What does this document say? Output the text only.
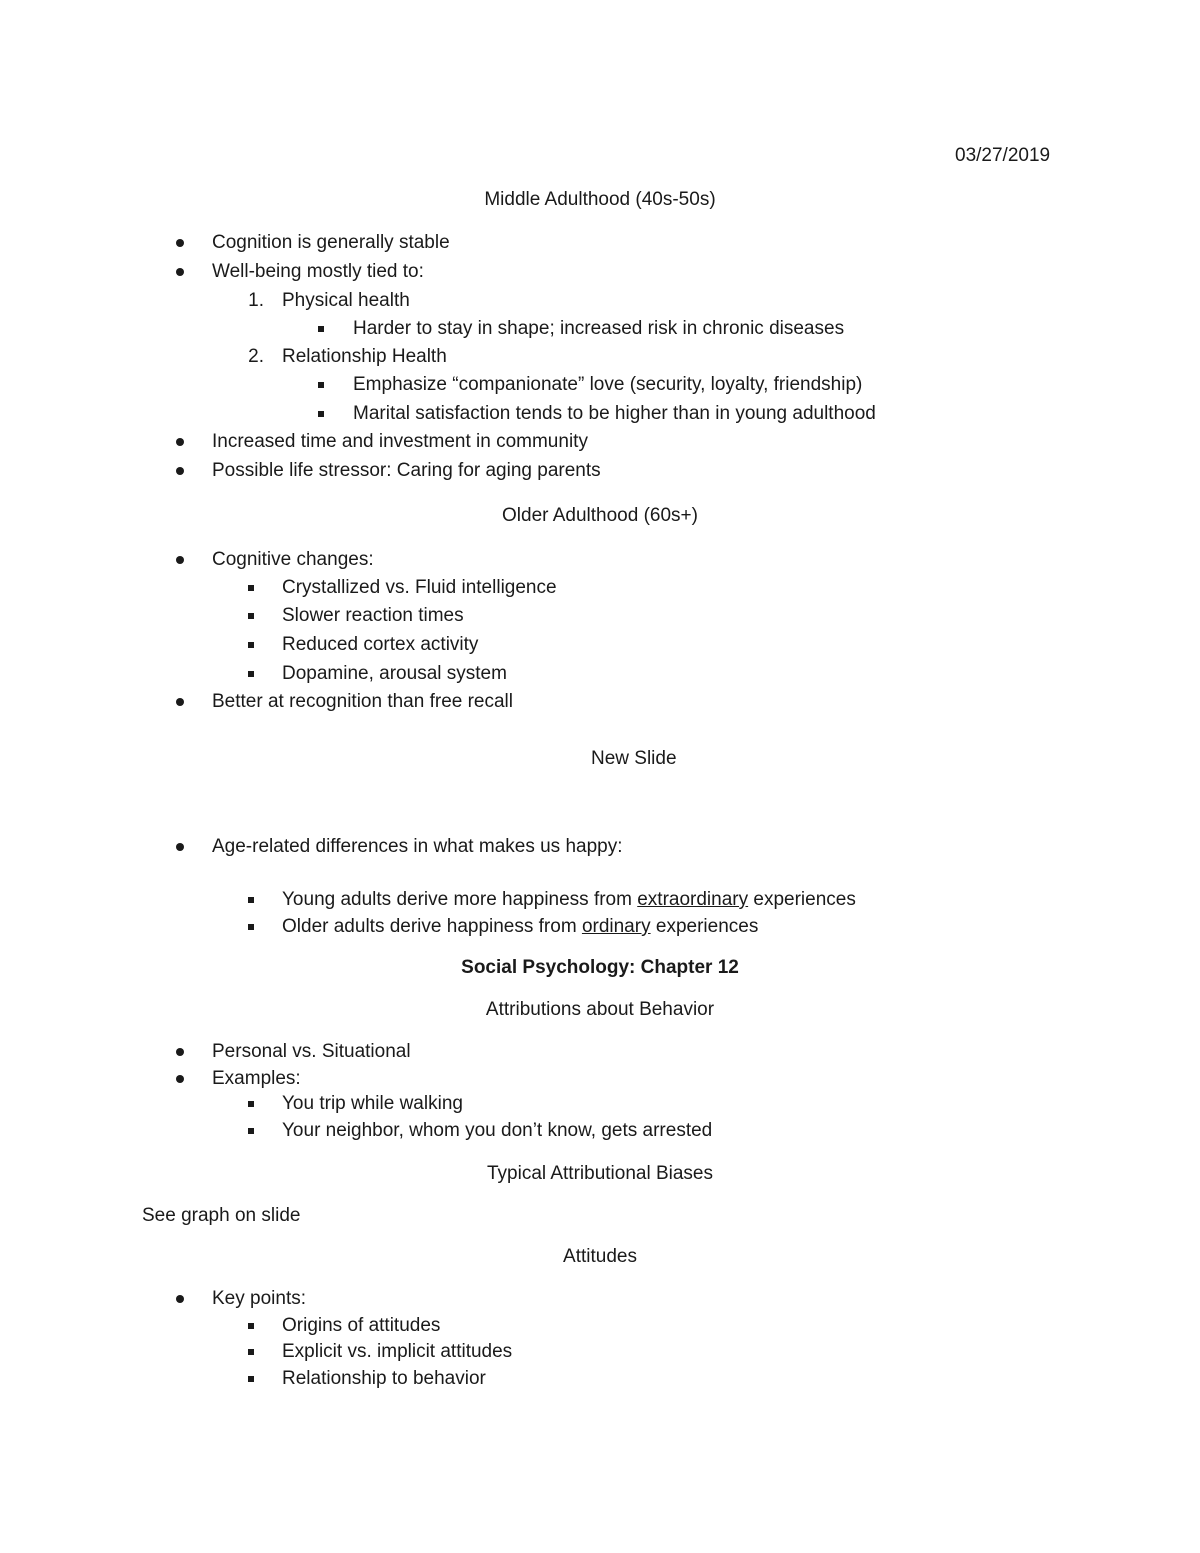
03/27/2019
Middle Adulthood (40s-50s)
Cognition is generally stable
Well-being mostly tied to:
1. Physical health
Harder to stay in shape; increased risk in chronic diseases
2. Relationship Health
Emphasize “companionate” love (security, loyalty, friendship)
Marital satisfaction tends to be higher than in young adulthood
Increased time and investment in community
Possible life stressor: Caring for aging parents
Older Adulthood (60s+)
Cognitive changes:
Crystallized vs. Fluid intelligence
Slower reaction times
Reduced cortex activity
Dopamine, arousal system
Better at recognition than free recall
New Slide
Age-related differences in what makes us happy:
Young adults derive more happiness from extraordinary experiences
Older adults derive happiness from ordinary experiences
Social Psychology: Chapter 12
Attributions about Behavior
Personal vs. Situational
Examples:
You trip while walking
Your neighbor, whom you don’t know, gets arrested
Typical Attributional Biases
See graph on slide
Attitudes
Key points:
Origins of attitudes
Explicit vs. implicit attitudes
Relationship to behavior
